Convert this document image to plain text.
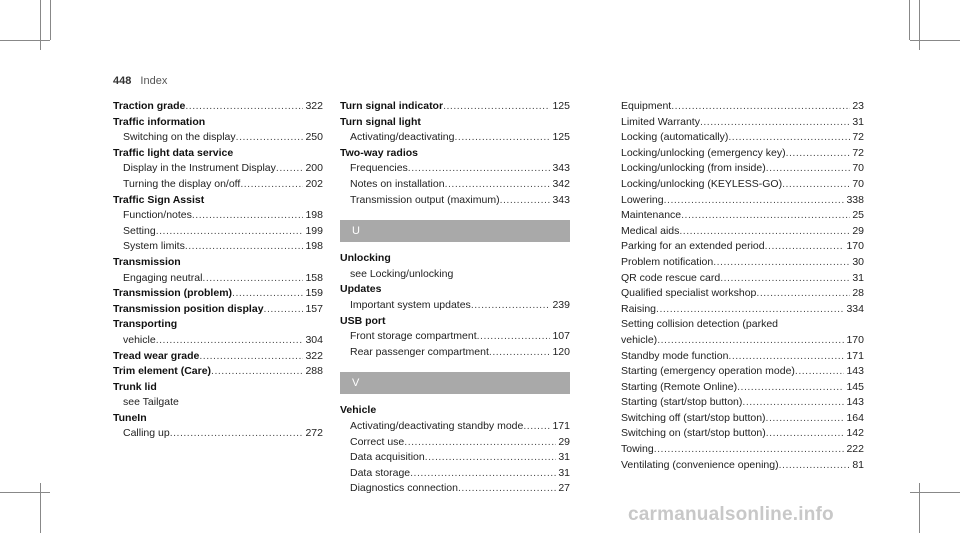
448 Index
Traction grade .....	322
Traffic information
Switching on the display .....	250
Traffic light data service
Display in the Instrument Display .....	200
Turning the display on/off .....	202
Traffic Sign Assist
Function/notes .....	198
Setting .....	199
System limits .....	198
Transmission
Engaging neutral .....	158
Transmission (problem) .....	159
Transmission position display .....	157
Transporting
vehicle .....	304
Tread wear grade .....	322
Trim element (Care) .....	288
Trunk lid
see Tailgate
TuneIn
Calling up .....	272
Turn signal indicator .....	125
Turn signal light
Activating/deactivating .....	125
Two-way radios
Frequencies .....	343
Notes on installation .....	342
Transmission output (maximum) .....	343
U
Unlocking
see Locking/unlocking
Updates
Important system updates .....	239
USB port
Front storage compartment .....	107
Rear passenger compartment .....	120
V
Vehicle
Activating/deactivating standby mode .....	171
Correct use .....	29
Data acquisition .....	31
Data storage .....	31
Diagnostics connection .....	27
Equipment .....	23
Limited Warranty .....	31
Locking (automatically) .....	72
Locking/unlocking (emergency key) .....	72
Locking/unlocking (from inside) .....	70
Locking/unlocking (KEYLESS-GO) .....	70
Lowering .....	338
Maintenance .....	25
Medical aids .....	29
Parking for an extended period .....	170
Problem notification .....	30
QR code rescue card .....	31
Qualified specialist workshop .....	28
Raising .....	334
Setting collision detection (parked
vehicle) .....	170
Standby mode function .....	171
Starting (emergency operation mode) .....	143
Starting (Remote Online) .....	145
Starting (start/stop button) .....	143
Switching off (start/stop button) .....	164
Switching on (start/stop button) .....	142
Towing .....	222
Ventilating (convenience opening) .....	81
carmanualsonline.info
